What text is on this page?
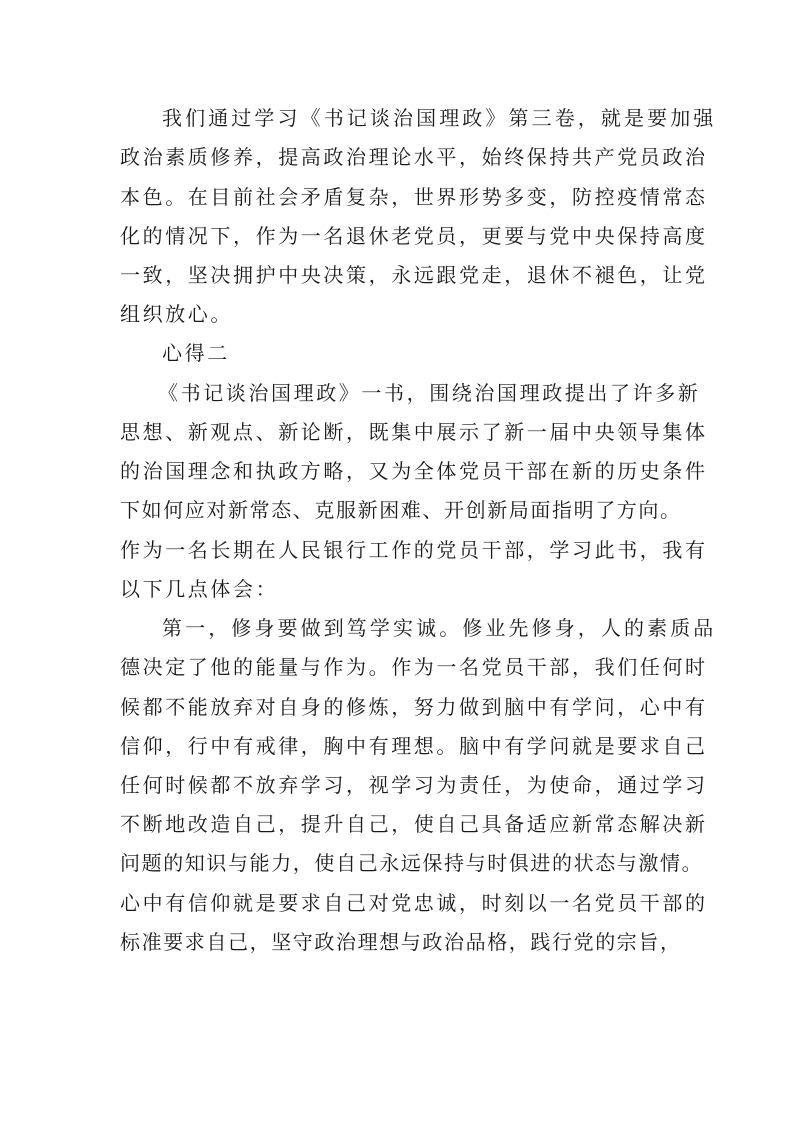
我们通过学习《书记谈治国理政》第三卷，就是要加强

政治素质修养，提高政治理论水平，始终保持共产党员政治

本色。在目前社会矛盾复杂，世界形势多变，防控疫情常态

化的情况下，作为一名退休老党员，更要与党中央保持高度

一致，坚决拥护中央决策，永远跟党走，退休不褪色，让党

组织放心。

心得二

《书记谈治国理政》一书，围绕治国理政提出了许多新

思想、新观点、新论断，既集中展示了新一届中央领导集体

的治国理念和执政方略，又为全体党员干部在新的历史条件

下如何应对新常态、克服新困难、开创新局面指明了方向。

作为一名长期在人民银行工作的党员干部，学习此书，我有

以下几点体会：

第一，修身要做到笃学实诚。修业先修身，人的素质品

德决定了他的能量与作为。作为一名党员干部，我们任何时

候都不能放弃对自身的修炼，努力做到脑中有学问，心中有

信仰，行中有戒律，胸中有理想。脑中有学问就是要求自己

任何时候都不放弃学习，视学习为责任，为使命，通过学习

不断地改造自己，提升自己，使自己具备适应新常态解决新

问题的知识与能力，使自己永远保持与时俱进的状态与激情。

心中有信仰就是要求自己对党忠诚，时刻以一名党员干部的

标准要求自己，坚守政治理想与政治品格，践行党的宗旨，
